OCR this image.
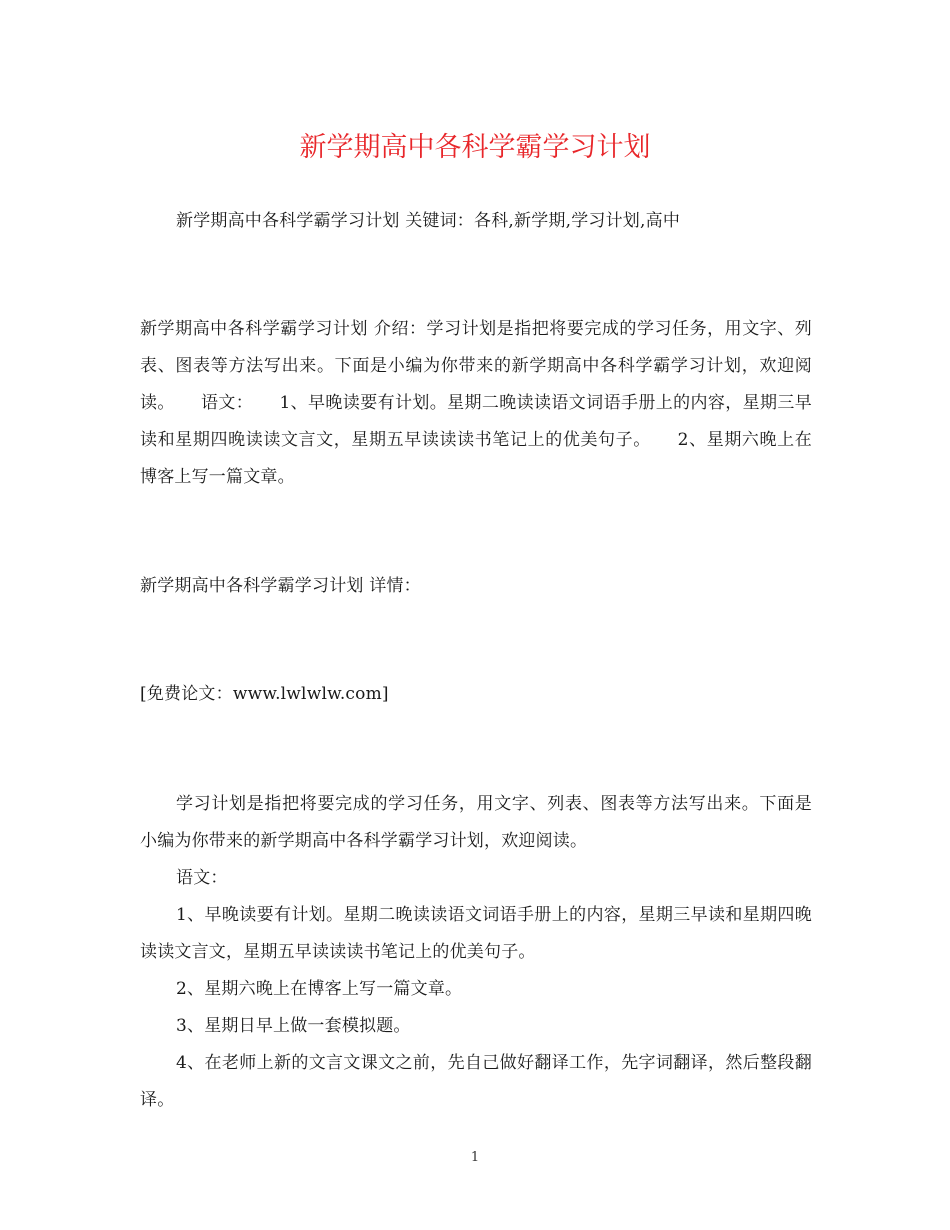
新学期高中各科学霸学习计划

新学期高中各科学霸学习计划 关键词：各科,新学期,学习计划,高中

新学期高中各科学霸学习计划 介绍：学习计划是指把将要完成的学习任务，用文字、列表、图表等方法写出来。下面是小编为你带来的新学期高中各科学霸学习计划，欢迎阅读。　　语文：　　1、早晚读要有计划。星期二晚读读语文词语手册上的内容，星期三早读和星期四晚读读文言文，星期五早读读读书笔记上的优美句子。　　2、星期六晚上在博客上写一篇文章。

新学期高中各科学霸学习计划 详情：

[免费论文：www.lwlwlw.com]

学习计划是指把将要完成的学习任务，用文字、列表、图表等方法写出来。下面是小编为你带来的新学期高中各科学霸学习计划，欢迎阅读。

语文：

1、早晚读要有计划。星期二晚读读语文词语手册上的内容，星期三早读和星期四晚读读文言文，星期五早读读读书笔记上的优美句子。

2、星期六晚上在博客上写一篇文章。

3、星期日早上做一套模拟题。

4、在老师上新的文言文课文之前，先自己做好翻译工作，先字词翻译，然后整段翻译。

1
